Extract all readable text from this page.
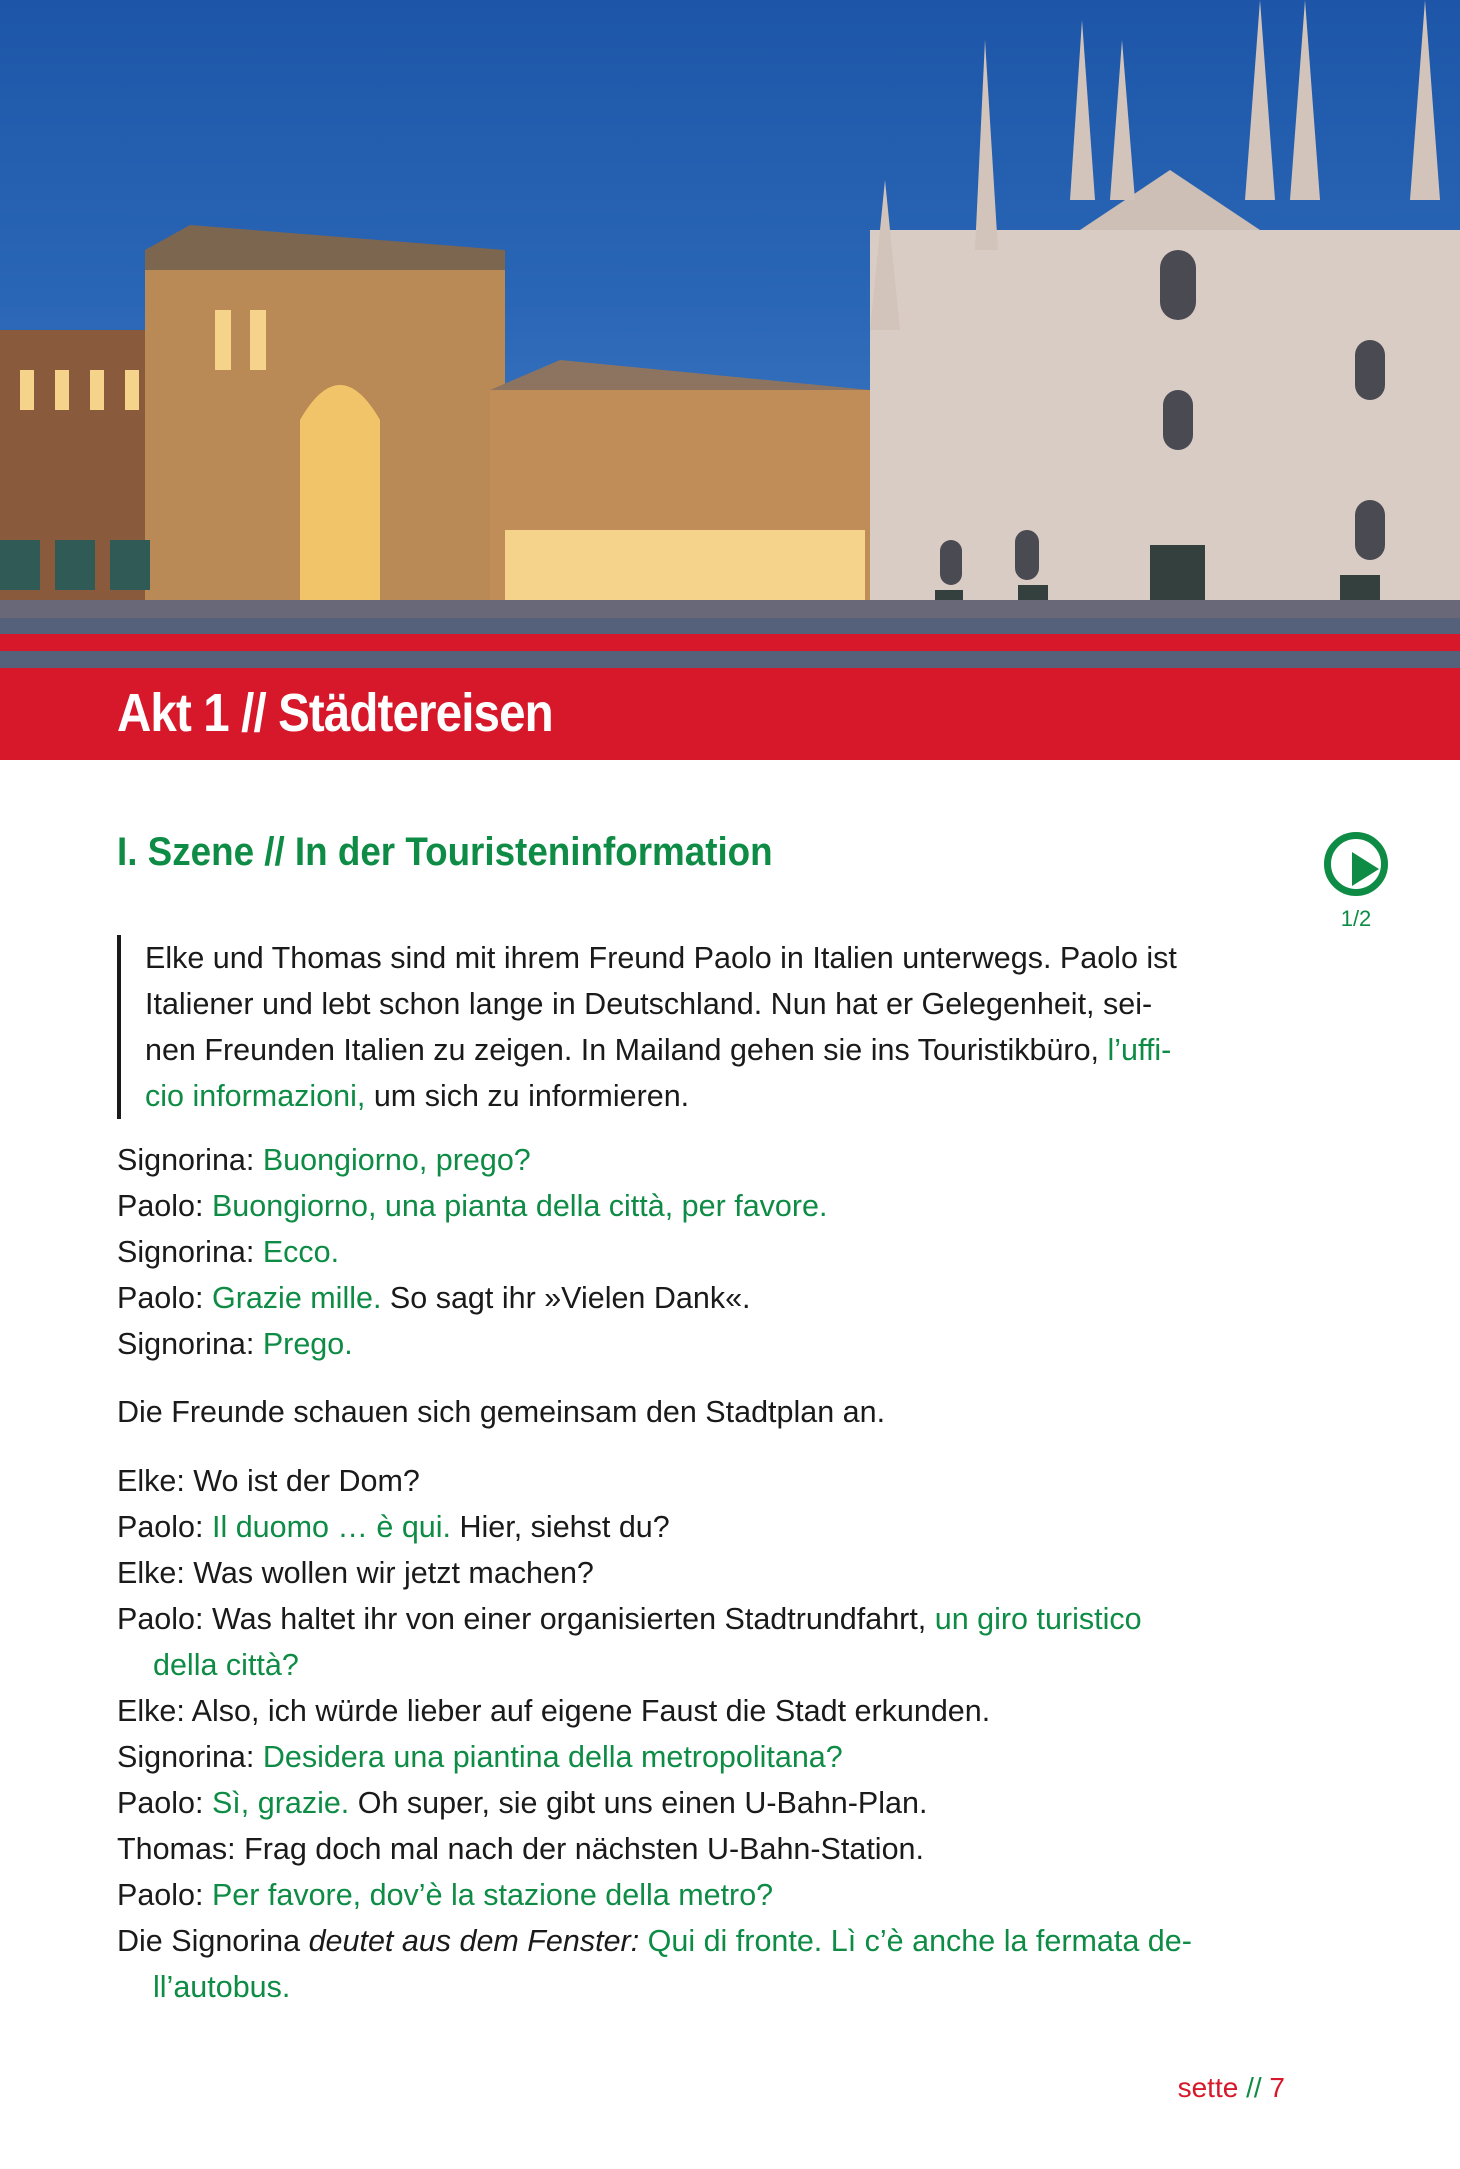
Akt 1 // Städtereisen
I. Szene // In der Touristeninformation
1/2

Elke und Thomas sind mit ihrem Freund Paolo in Italien unterwegs. Paolo ist

Italiener und lebt schon lange in Deutschland. Nun hat er Gelegenheit, sei-

nen Freunden Italien zu zeigen. In Mailand gehen sie ins Touristikbüro, l’uffi-

cio informazioni, um sich zu informieren.

Signorina: Buongiorno, prego?

Paolo: Buongiorno, una pianta della città, per favore.

Signorina: Ecco.

Paolo: Grazie mille. So sagt ihr »Vielen Dank«.

Signorina: Prego.

Die Freunde schauen sich gemeinsam den Stadtplan an.

Elke: Wo ist der Dom?

Paolo: Il duomo … è qui. Hier, siehst du?

Elke: Was wollen wir jetzt machen?

Paolo: Was haltet ihr von einer organisierten Stadtrundfahrt, un giro turistico

della città?

Elke: Also, ich würde lieber auf eigene Faust die Stadt erkunden.

Signorina: Desidera una piantina della metropolitana?

Paolo: Sì, grazie. Oh super, sie gibt uns einen U-Bahn-Plan.

Thomas: Frag doch mal nach der nächsten U-Bahn-Station.

Paolo: Per favore, dov’è la stazione della metro?

Die Signorina deutet aus dem Fenster: Qui di fronte. Lì c’è anche la fermata de-

ll’autobus.

sette // 7
